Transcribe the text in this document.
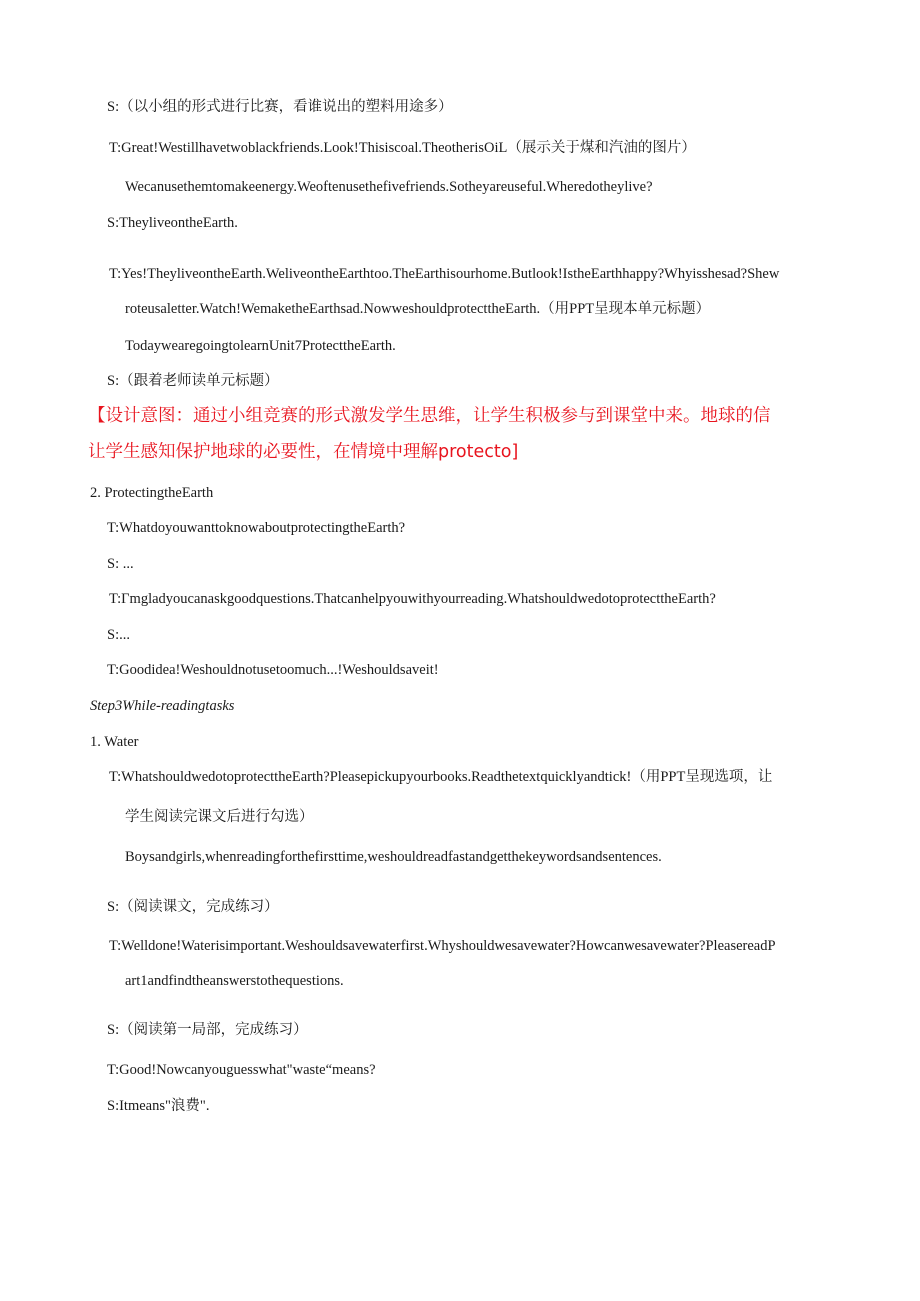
S:（以小组的形式进行比赛，看谁说出的塑料用途多）

T:Great!Westillhavetwoblackfriends.Look!Thisiscoal.TheotherisOiL（展示关于煤和汽油的图片）

Wecanusethemtomakeenergy.Weoftenusethefivefriends.Sotheyareuseful.Wheredotheylive?

S:TheyliveontheEarth.

T:Yes!TheyliveontheEarth.WeliveontheEarthtoo.TheEarthisourhome.Butlook!IstheEarthhappy?Whyisshesad?Shew

roteusaletter.Watch!WemaketheEarthsad.NowweshouldprotecttheEarth.（用PPT呈现本单元标题）

TodaywearegoingtolearnUnit7ProtecttheEarth.

S:（跟着老师读单元标题）

【设计意图：通过小组竞赛的形式激发学生思维，让学生积极参与到课堂中来。地球的信
让学生感知保护地球的必要性，在情境中理解protecto]

2. ProtectingtheEarth

T:WhatdoyouwanttoknowaboutprotectingtheEarth?

S: ...

T:Γmgladyoucanaskgoodquestions.Thatcanhelpyouwithyourreading.WhatshouldwedotoprotecttheEarth?

S:...

T:Goodidea!Weshouldnotusetoomuch...!Weshouldsaveit!

Step3While-readingtasks

1. Water

T:WhatshouldwedotoprotecttheEarth?Pleasepickupyourbooks.Readthetextquicklyandtick!（用PPT呈现选项，让

学生阅读完课文后进行勾选）

Boysandgirls,whenreadingforthefirsttime,weshouldreadfastandgetthekeywordsandsentences.

S:（阅读课文，完成练习）

T:Welldone!Waterisimportant.Weshouldsavewaterfirst.Whyshouldwesavewater?Howcanwesavewater?PleasereadP

art1andfindtheanswerstothequestions.

S:（阅读第一局部，完成练习）

T:Good!Nowcanyouguesswhat"waste“means?

S:Itmeans"浪费".
